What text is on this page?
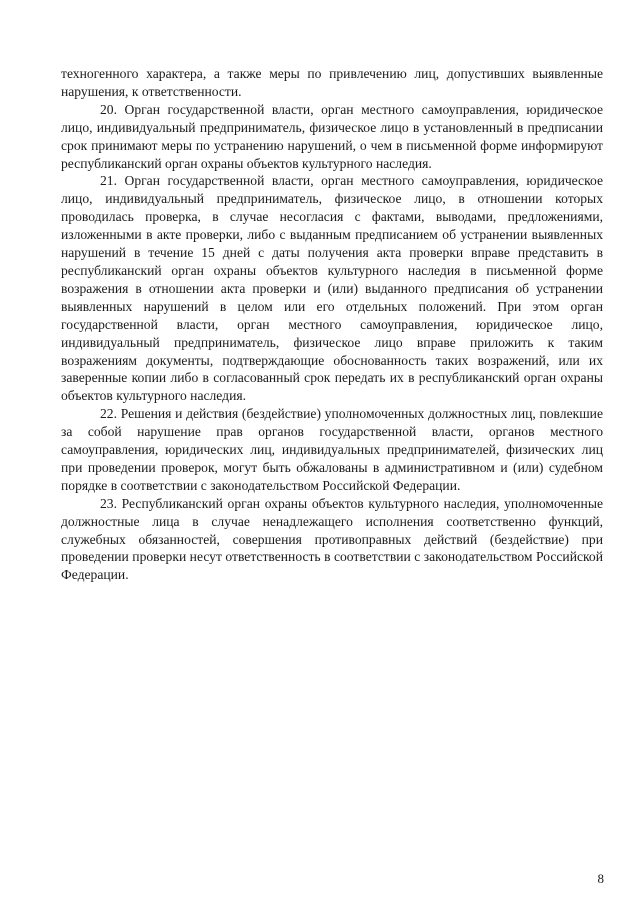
техногенного характера, а также меры по привлечению лиц, допустивших выявленные нарушения, к ответственности.

20. Орган государственной власти, орган местного самоуправления, юридическое лицо, индивидуальный предприниматель, физическое лицо в установленный в предписании срок принимают меры по устранению нарушений, о чем в письменной форме информируют республиканский орган охраны объектов культурного наследия.

21. Орган государственной власти, орган местного самоуправления, юридическое лицо, индивидуальный предприниматель, физическое лицо, в отношении которых проводилась проверка, в случае несогласия с фактами, выводами, предложениями, изложенными в акте проверки, либо с выданным предписанием об устранении выявленных нарушений в течение 15 дней с даты получения акта проверки вправе представить в республиканский орган охраны объектов культурного наследия в письменной форме возражения в отношении акта проверки и (или) выданного предписания об устранении выявленных нарушений в целом или его отдельных положений. При этом орган государственной власти, орган местного самоуправления, юридическое лицо, индивидуальный предприниматель, физическое лицо вправе приложить к таким возражениям документы, подтверждающие обоснованность таких возражений, или их заверенные копии либо в согласованный срок передать их в республиканский орган охраны объектов культурного наследия.

22. Решения и действия (бездействие) уполномоченных должностных лиц, повлекшие за собой нарушение прав органов государственной власти, органов местного самоуправления, юридических лиц, индивидуальных предпринимателей, физических лиц при проведении проверок, могут быть обжалованы в административном и (или) судебном порядке в соответствии с законодательством Российской Федерации.

23. Республиканский орган охраны объектов культурного наследия, уполномоченные должностные лица в случае ненадлежащего исполнения соответственно функций, служебных обязанностей, совершения противоправных действий (бездействие) при проведении проверки несут ответственность в соответствии с законодательством Российской Федерации.

8
